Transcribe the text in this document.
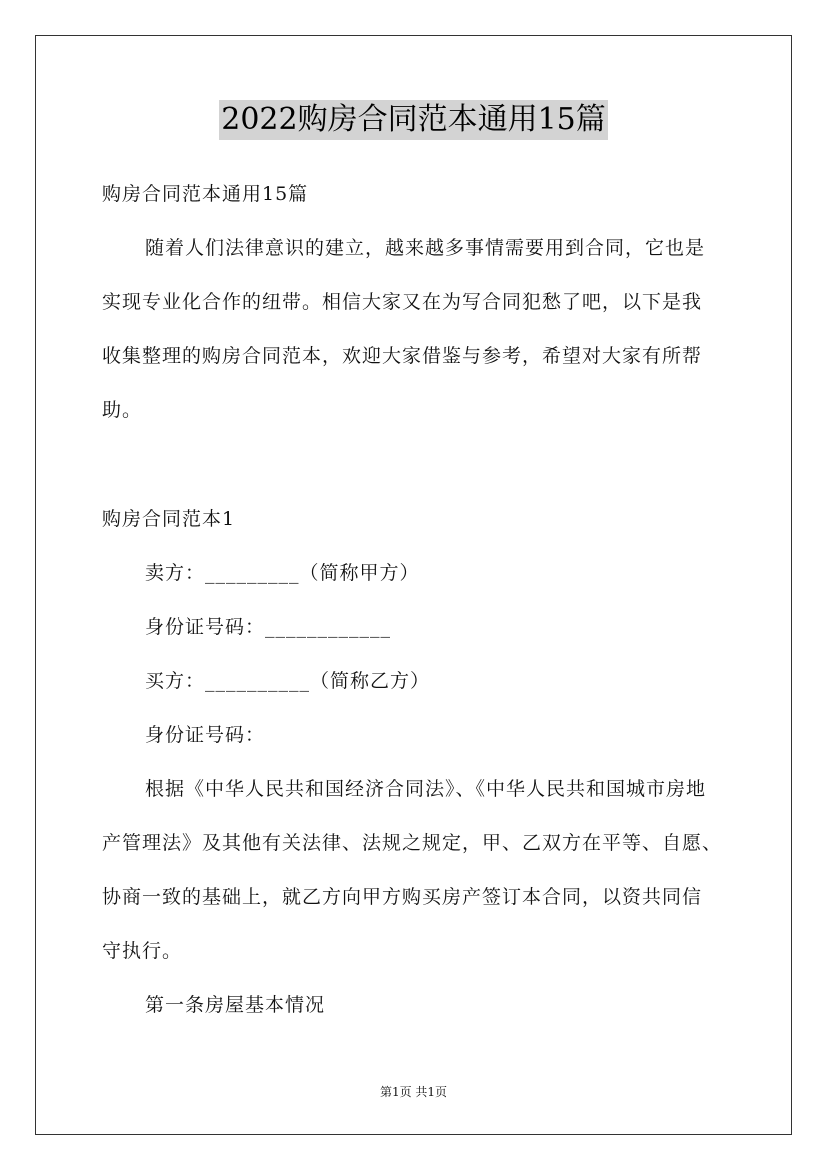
2022购房合同范本通用15篇
购房合同范本通用15篇
随着人们法律意识的建立，越来越多事情需要用到合同，它也是
实现专业化合作的纽带。相信大家又在为写合同犯愁了吧，以下是我
收集整理的购房合同范本，欢迎大家借鉴与参考，希望对大家有所帮
助。
购房合同范本1
卖方：_________（简称甲方）
身份证号码：____________
买方：__________（简称乙方）
身份证号码：
根据《中华人民共和国经济合同法》、《中华人民共和国城市房地
产管理法》及其他有关法律、法规之规定，甲、乙双方在平等、自愿、
协商一致的基础上，就乙方向甲方购买房产签订本合同，以资共同信
守执行。
第一条房屋基本情况
第1页 共1页
